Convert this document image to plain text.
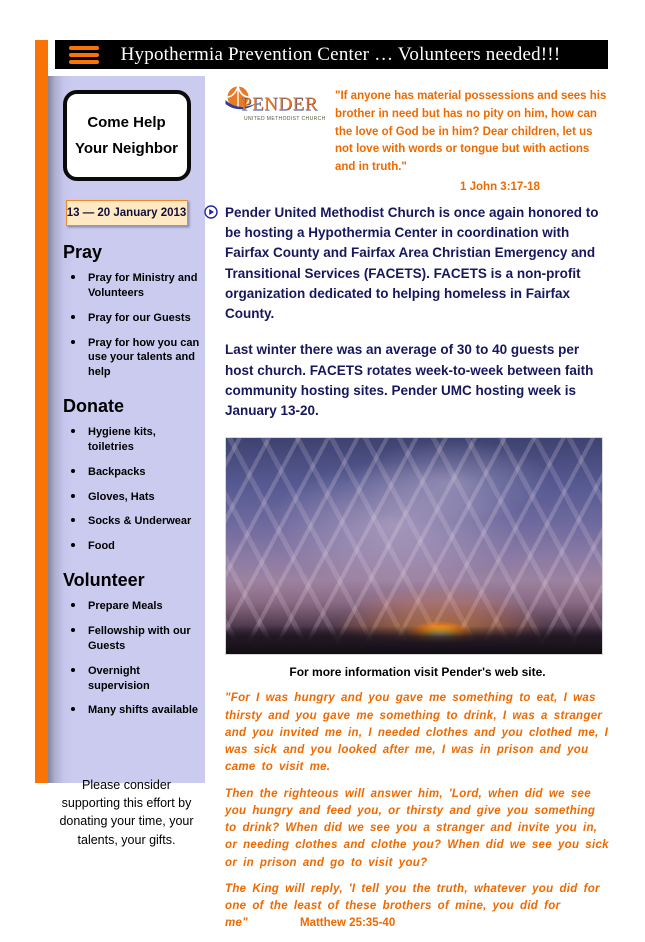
Hypothermia Prevention Center … Volunteers needed!!!
Come Help Your Neighbor
13 — 20 January 2013
Pray
Pray for Ministry and Volunteers
Pray for our Guests
Pray for how you can use your talents and help
Donate
Hygiene kits, toiletries
Backpacks
Gloves, Hats
Socks & Underwear
Food
Volunteer
Prepare Meals
Fellowship with our Guests
Overnight supervision
Many shifts available
Please consider supporting this effort by donating your time, your talents, your gifts.
PENDER
UNITED METHODIST CHURCH
"If anyone has material possessions and sees his brother in need but has no pity on him, how can the love of God be in him? Dear children, let us not love with words or tongue but with actions and in truth."
1 John 3:17-18

Pender United Methodist Church is once again honored to be hosting a Hypothermia Center in coordination with Fairfax County and Fairfax Area Christian Emergency and Transitional Services (FACETS). FACETS is a non-profit organization dedicated to helping homeless in Fairfax County.

Last winter there was an average of 30 to 40 guests per host church. FACETS rotates week-to-week between faith community hosting sites. Pender UMC hosting week is January 13-20.

For more information visit Pender's web site.

"For I was hungry and you gave me something to eat, I was thirsty and you gave me something to drink, I was a stranger and you invited me in, I needed clothes and you clothed me, I was sick and you looked after me, I was in prison and you came to visit me.

Then the righteous will answer him, 'Lord, when did we see you hungry and feed you, or thirsty and give you something to drink? When did we see you a stranger and invite you in, or needing clothes and clothe you? When did we see you sick or in prison and go to visit you?

The King will reply, 'I tell you the truth, whatever you did for one of the least of these brothers of mine, you did for me"	Matthew 25:35-40
